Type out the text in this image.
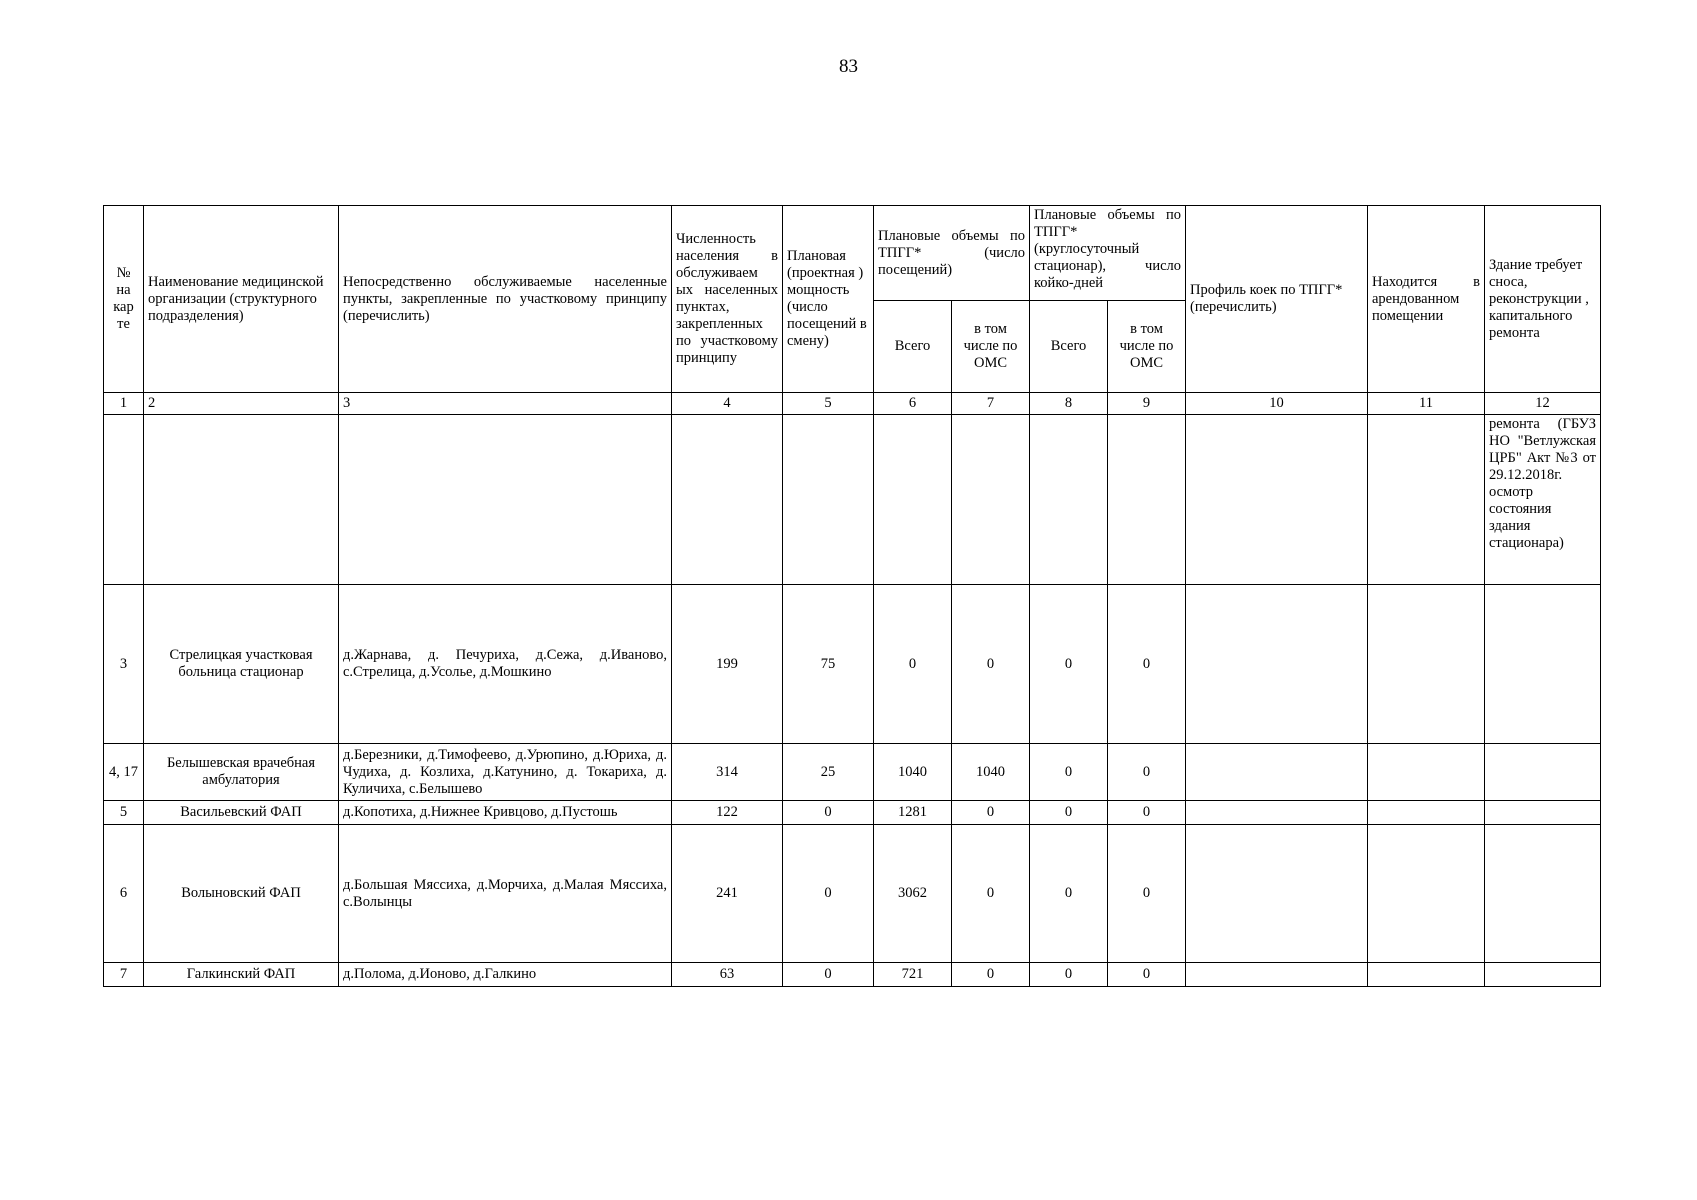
83
№ на кар те	Наименование медицинской организации (структурного подразделения)	Непосредственно обслуживаемые населенные пункты, закрепленные по участковому принципу (перечислить)	Численность населения в обслуживаем ых населенных пунктах, закрепленных по участковому принципу	Плановая (проектная ) мощность (число посещений в смену)	Плановые объемы по ТПГГ* (число посещений)		Плановые объемы по ТПГГ* (круглосуточный стационар), число койко-дней		Профиль коек по ТПГГ* (перечислить)	Находится в арендованном помещении	Здание требует сноса, реконструкции , капитального ремонта
					Всего	в том числе по ОМС	Всего	в том числе по ОМС			
1	2	3	4	5	6	7	8	9	10	11	12
											ремонта (ГБУЗ НО "Ветлужская ЦРБ" Акт №3 от 29.12.2018г. осмотр состояния здания стационара)
3	Стрелицкая участковая больница стационар	д.Жарнава, д. Печуриха, д.Сежа, д.Иваново, с.Стрелица, д.Усолье, д.Мошкино	199	75	0	0	0	0			
4, 17	Белышевская врачебная амбулатория	д.Березники, д.Тимофеево, д.Урюпино, д.Юриха, д. Чудиха, д. Козлиха, д.Катунино, д. Токариха, д. Куличиха, с.Белышево	314	25	1040	1040	0	0			
5	Васильевский ФАП	д.Копотиха, д.Нижнее Кривцово, д.Пустошь	122	0	1281	0	0	0			
6	Волыновский ФАП	д.Большая Мяссиха, д.Морчиха, д.Малая Мяссиха, с.Волынцы	241	0	3062	0	0	0			
7	Галкинский ФАП	д.Полома, д.Ионово, д.Галкино	63	0	721	0	0	0			
